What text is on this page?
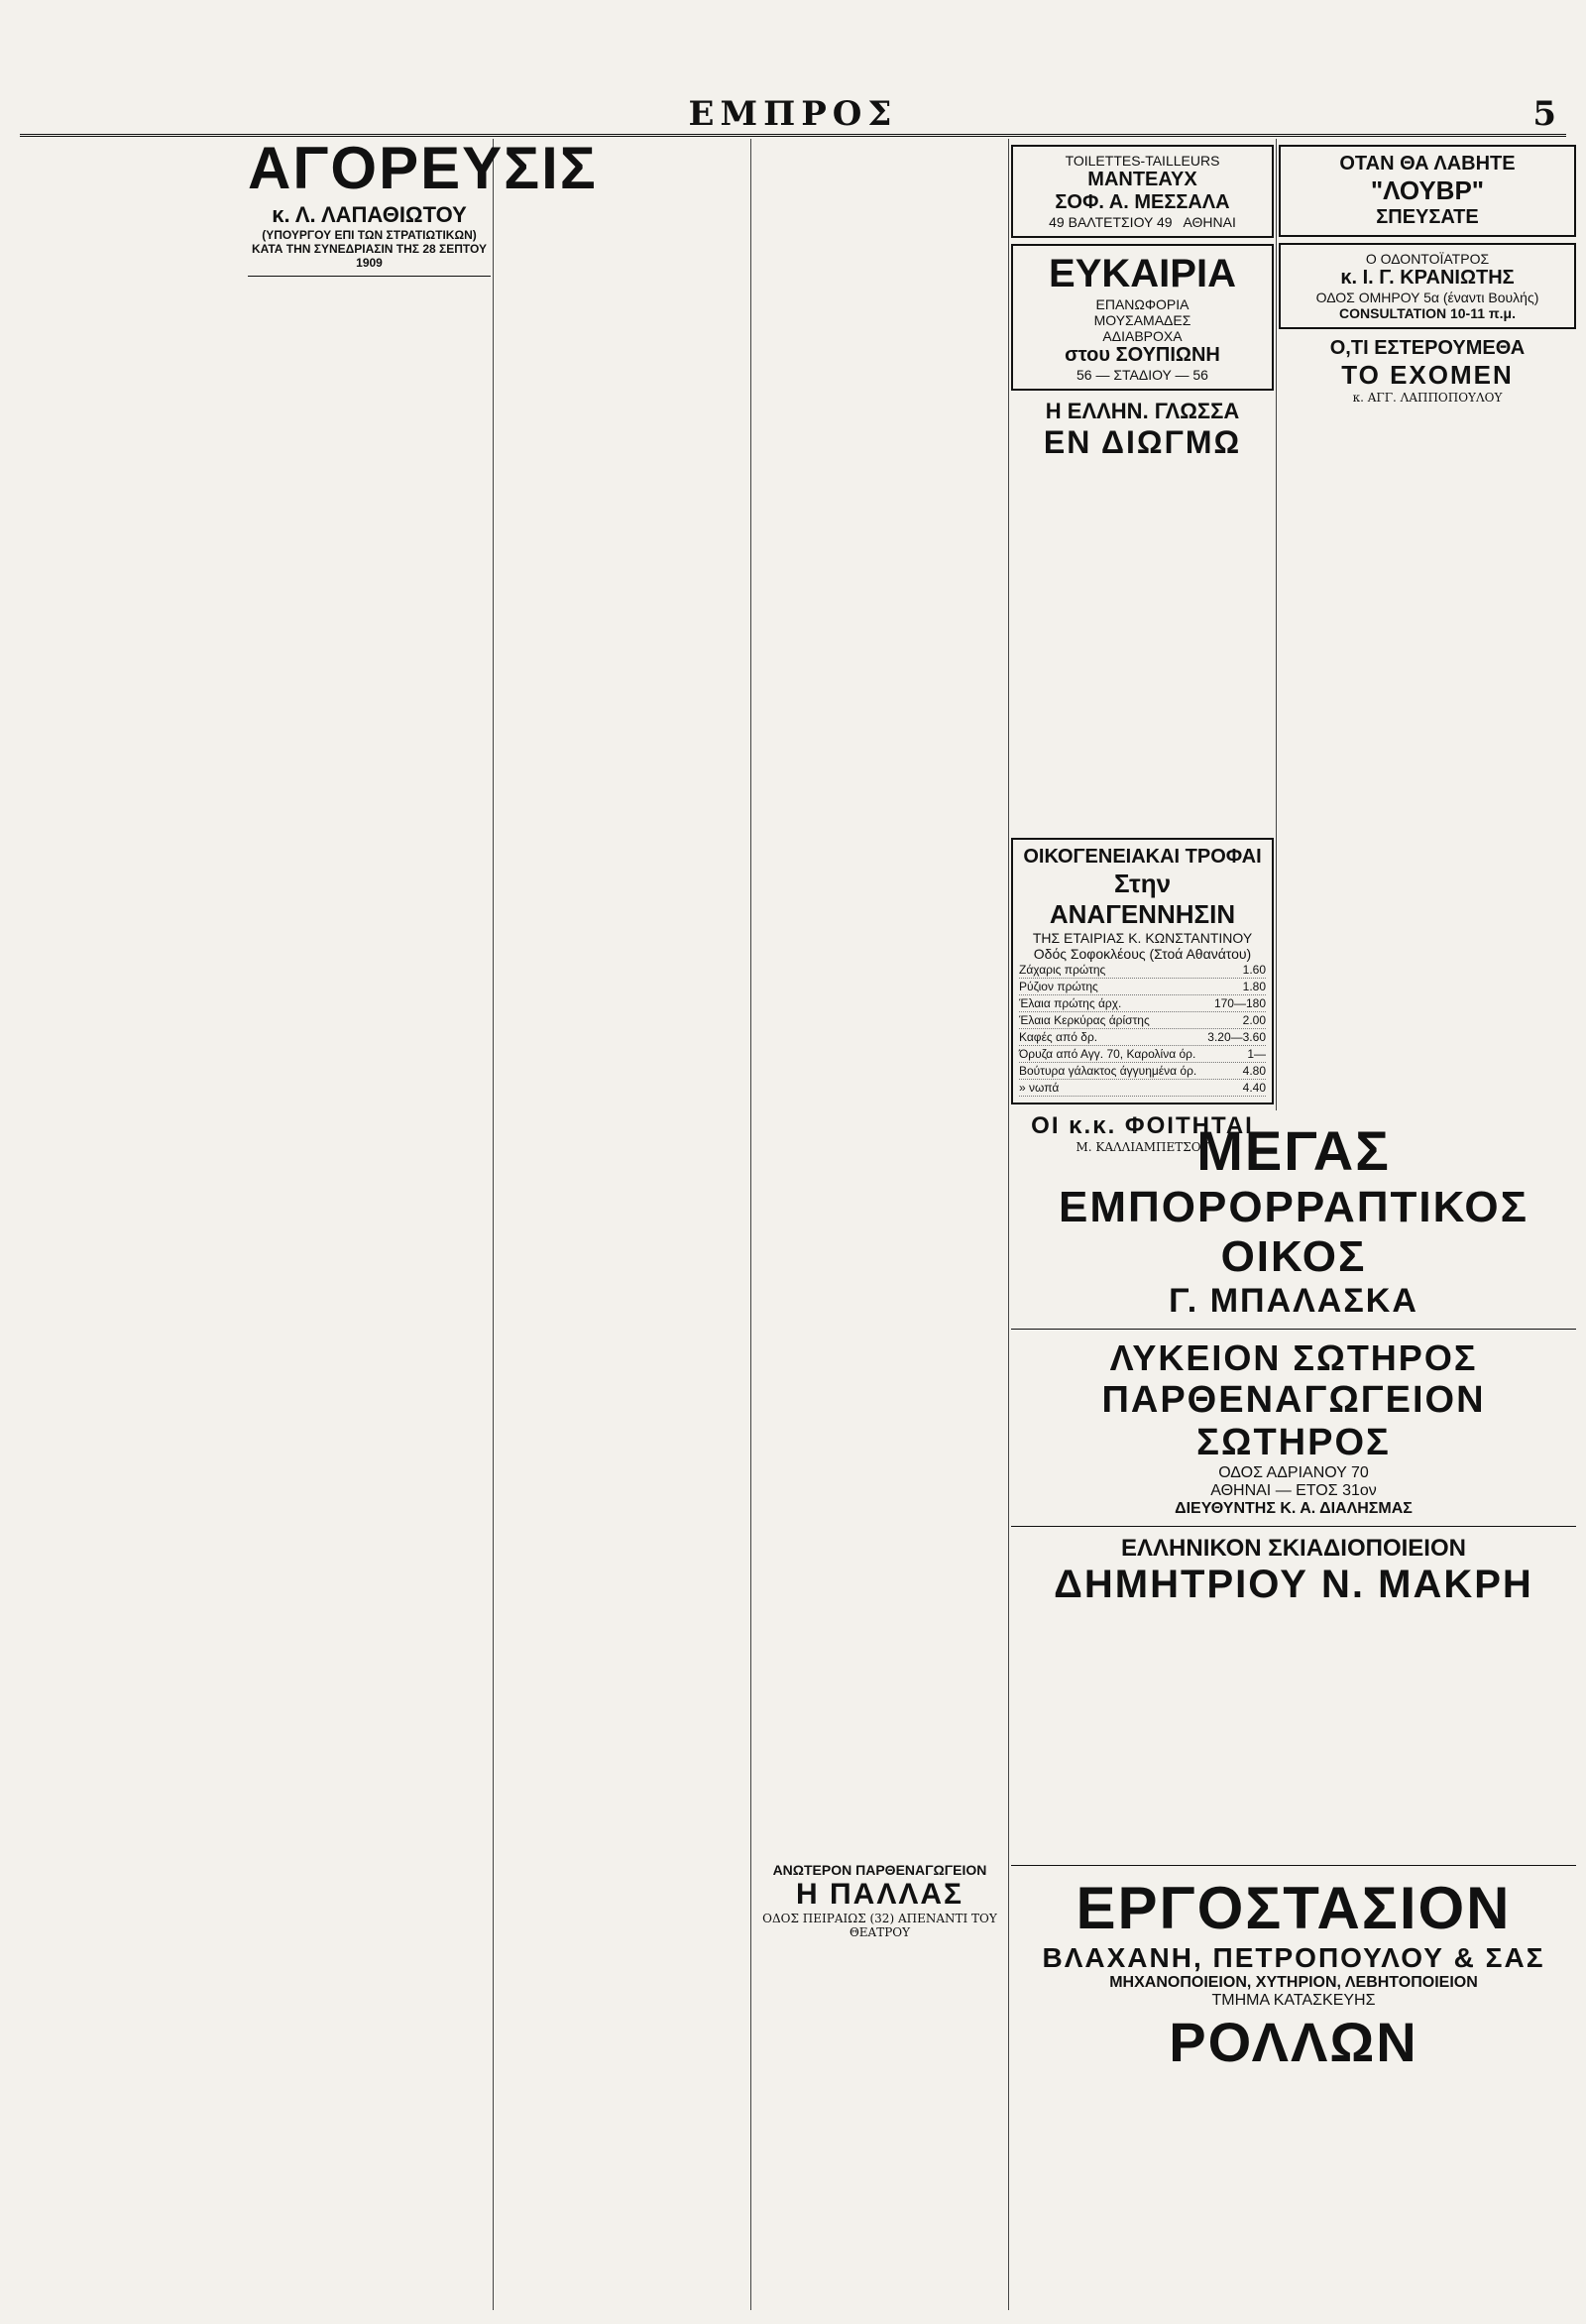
ΕΜΠΡΟΣ	5
ΑΓΟΡΕΥΣΙΣ
κ. Λ. ΛΑΠΑΘΙΩΤΟΥ
(ΥΠΟΥΡΓΟΥ ΕΠΙ ΤΩΝ ΣΤΡΑΤΙΩΤΙΚΩΝ)
ΚΑΤΑ ΤΗΝ ΣΥΝΕΔΡΙΑΣΙΝ ΤΗΣ 28 ΣΕΠΤΟΥ 1909
ΑΝΩΤΕΡΟΝ ΠΑΡΘΕΝΑΓΩΓΕΙΟΝ
Η ΠΑΛΛΑΣ
ΟΔΟΣ ΠΕΙΡΑΙΩΣ (32) ΑΠΕΝΑΝΤΙ ΤΟΥ ΘΕΑΤΡΟΥ
TOILETTES-TAILLEURS
ΜΑΝΤΕΑΥΧ
ΣΟΦ. Α. ΜΕΣΣΑΛΑ
49 ΒΑΛΤΕΤΣΙΟΥ 49 ΑΘΗΝΑΙ
ΕΥΚΑΙΡΙΑ
ΕΠΑΝΩΦΟΡΙΑ
ΜΟΥΣΑΜΑΔΕΣ
ΑΔΙΑΒΡΟΧΑ
στου ΣΟΥΠΙΩΝΗ
56 — ΣΤΑΔΙΟΥ — 56
Η ΕΛΛΗΝ. ΓΛΩΣΣΑ
ΕΝ ΔΙΩΓΜΩ
ΟΙΚΟΓΕΝΕΙΑΚΑΙ ΤΡΟΦΑΙ
Στην ΑΝΑΓΕΝΝΗΣΙΝ
ΤΗΣ ΕΤΑΙΡΙΑΣ Κ. ΚΩΝΣΤΑΝΤΙΝΟΥ
Οδός Σοφοκλέους (Στοά Αθανάτου)
Ζάχαρις πρώτης	1.60
Ρύζιον πρώτης	1.80
Έλαια πρώτης άρχ.	170—180
Έλαια Κερκύρας άρίστης	2.00
Καφές από δρ.	3.20—3.60
Όρυζα από Αγγ. 70, Καρολίνα όρ.	1—
Βούτυρα γάλακτος άγγυημένα όρ.	4.80
» νωπά	4.40
ΟΙ κ.κ. ΦΟΙΤΗΤΑΙ
Μ. ΚΑΛΛΙΑΜΠΕΤΣΟΥ
ΟΤΑΝ ΘΑ ΛΑΒΗΤΕ
"ΛΟΥΒΡ"
ΣΠΕΥΣΑΤΕ
Ο ΟΔΟΝΤΟΪΑΤΡΟΣ
κ. Ι. Γ. ΚΡΑΝΙΩΤΗΣ
ΟΔΟΣ ΟΜΗΡΟΥ 5α (έναντι Βουλής)
CONSULTATION 10-11 π.μ.
Ο,ΤΙ ΕΣΤΕΡΟΥΜΕΘΑ
ΤΟ ΕΧΟΜΕΝ
κ. ΑΓΓ. ΛΑΠΠΟΠΟΥΛΟΥ
ΜΕΓΑΣ
ΕΜΠΟΡΟΡΡΑΠΤΙΚΟΣ ΟΙΚΟΣ
Γ. ΜΠΑΛΑΣΚΑ
ΛΥΚΕΙΟΝ ΣΩΤΗΡΟΣ
ΠΑΡΘΕΝΑΓΩΓΕΙΟΝ ΣΩΤΗΡΟΣ
ΟΔΟΣ ΑΔΡΙΑΝΟΥ 70
ΑΘΗΝΑΙ — ΕΤΟΣ 31ον
ΔΙΕΥΘΥΝΤΗΣ Κ. Α. ΔΙΑΛΗΣΜΑΣ
ΕΛΛΗΝΙΚΟΝ ΣΚΙΑΔΙΟΠΟΙΕΙΟΝ
ΔΗΜΗΤΡΙΟΥ Ν. ΜΑΚΡΗ
ΕΡΓΟΣΤΑΣΙΟΝ
ΒΛΑΧΑΝΗ, ΠΕΤΡΟΠΟΥΛΟΥ & ΣΑΣ
ΜΗΧΑΝΟΠΟΙΕΙΟΝ, ΧΥΤΗΡΙΟΝ, ΛΕΒΗΤΟΠΟΙΕΙΟΝ
ΤΜΗΜΑ ΚΑΤΑΣΚΕΥΗΣ
ΡΟΛΛΩΝ
